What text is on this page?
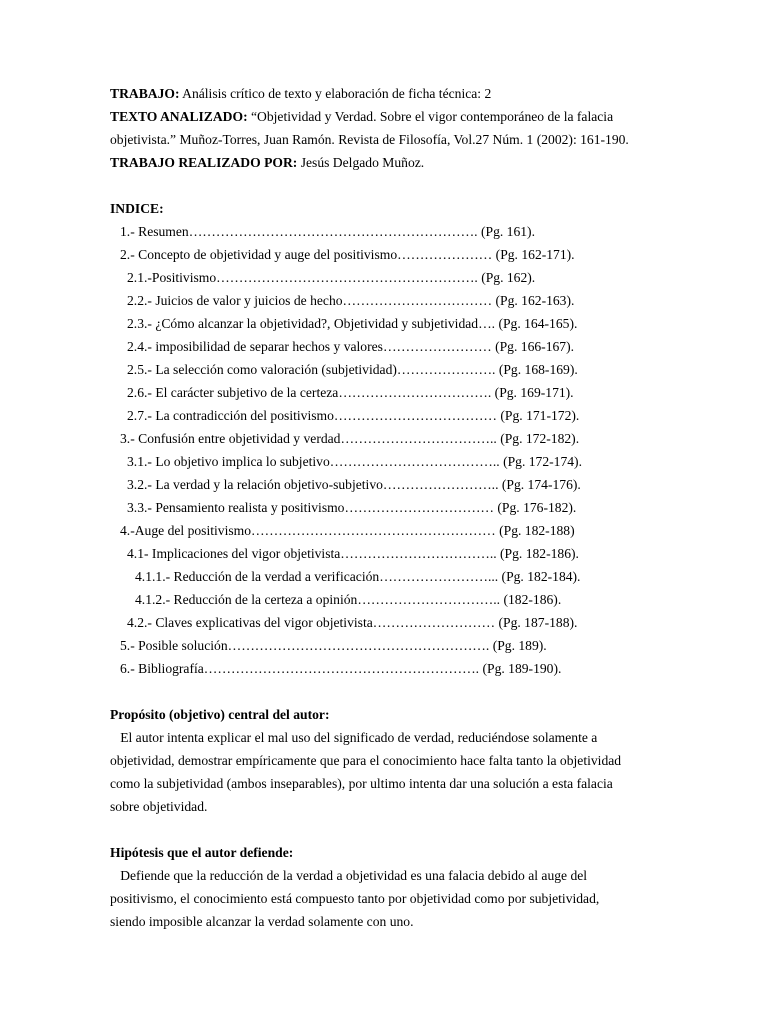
TRABAJO: Análisis crítico de texto y elaboración de ficha técnica: 2
TEXTO ANALIZADO: “Objetividad y Verdad. Sobre el vigor contemporáneo de la falacia
objetivista.” Muñoz-Torres, Juan Ramón. Revista de Filosofía, Vol.27 Núm. 1 (2002): 161-190.
TRABAJO REALIZADO POR: Jesús Delgado Muñoz.
INDICE:
1.- Resumen………………………………………………………. (Pg. 161).
2.- Concepto de objetividad y auge del positivismo………………… (Pg. 162-171).
2.1.-Positivismo…………………………………………………. (Pg. 162).
2.2.- Juicios de valor y juicios de hecho…………………………… (Pg. 162-163).
2.3.- ¿Cómo alcanzar la objetividad?, Objetividad y subjetividad…. (Pg. 164-165).
2.4.- imposibilidad de separar hechos y valores…………………… (Pg. 166-167).
2.5.- La selección como valoración (subjetividad)…………………. (Pg. 168-169).
2.6.- El carácter subjetivo de la certeza……………………………. (Pg. 169-171).
2.7.- La contradicción del positivismo……………………………… (Pg. 171-172).
3.- Confusión entre objetividad y verdad…………………………….. (Pg. 172-182).
3.1.- Lo objetivo implica lo subjetivo……………………………….. (Pg. 172-174).
3.2.- La verdad y la relación objetivo-subjetivo…………………….. (Pg. 174-176).
3.3.- Pensamiento realista y positivismo…………………………… (Pg. 176-182).
4.-Auge del positivismo……………………………………………… (Pg. 182-188)
4.1- Implicaciones del vigor objetivista…………………………….. (Pg. 182-186).
4.1.1.- Reducción de la verdad a verificación……………………... (Pg. 182-184).
4.1.2.- Reducción de la certeza a opinión………………………….. (182-186).
4.2.- Claves explicativas del vigor objetivista……………………… (Pg. 187-188).
5.- Posible solución…………………………………………………. (Pg. 189).
6.- Bibliografía……………………………………………………. (Pg. 189-190).
Propósito (objetivo) central del autor:
El autor intenta explicar el mal uso del significado de verdad, reduciéndose solamente a
objetividad, demostrar empíricamente que para el conocimiento hace falta tanto la objetividad
como la subjetividad (ambos inseparables), por ultimo intenta dar una solución a esta falacia
sobre objetividad.
Hipótesis que el autor defiende:
Defiende que la reducción de la verdad a objetividad es una falacia debido al auge del
positivismo, el conocimiento está compuesto tanto por objetividad como por subjetividad,
siendo imposible alcanzar la verdad solamente con uno.
